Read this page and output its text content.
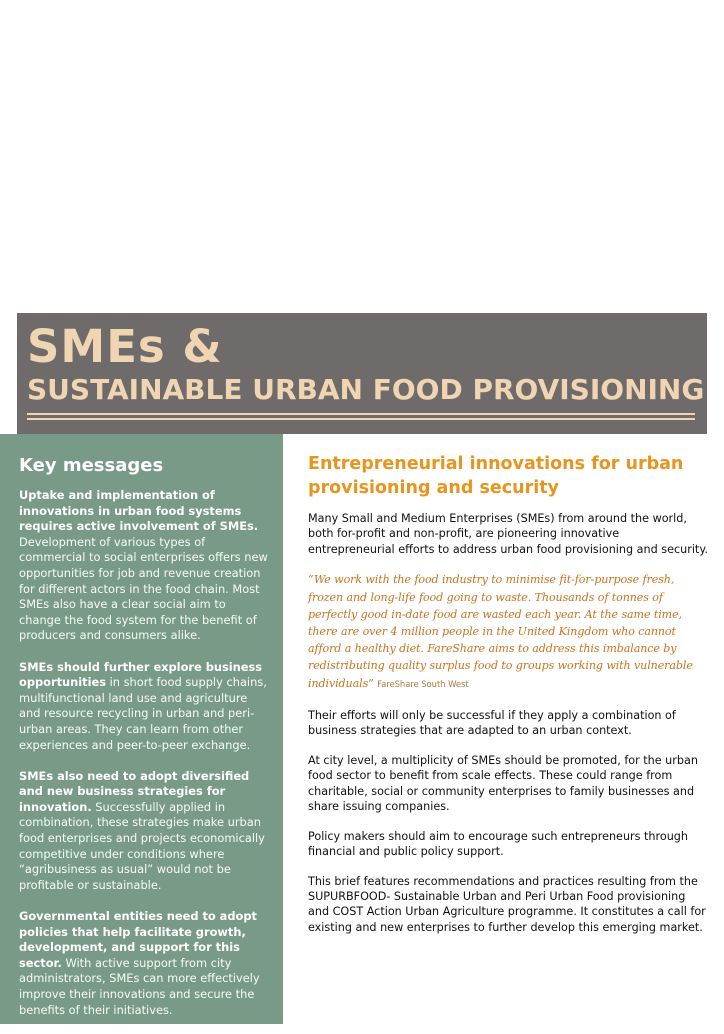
SMEs &
SUSTAINABLE URBAN FOOD PROVISIONING
Key messages

Uptake and implementation of innovations in urban food systems requires active involvement of SMEs. Development of various types of commercial to social enterprises offers new opportunities for job and revenue creation for different actors in the food chain. Most SMEs also have a clear social aim to change the food system for the benefit of producers and consumers alike.

SMEs should further explore business opportunities in short food supply chains, multifunctional land use and agriculture and resource recycling in urban and peri-urban areas. They can learn from other experiences and peer-to-peer exchange.

SMEs also need to adopt diversified and new business strategies for innovation. Successfully applied in combination, these strategies make urban food enterprises and projects economically competitive under conditions where “agribusiness as usual” would not be profitable or sustainable.

Governmental entities need to adopt policies that help facilitate growth, development, and support for this sector. With active support from city administrators, SMEs can more effectively improve their innovations and secure the benefits of their initiatives.

Entrepreneurial innovations for urban provisioning and security

Many Small and Medium Enterprises (SMEs) from around the world, both for-profit and non-profit, are pioneering innovative entrepreneurial efforts to address urban food provisioning and security.

“We work with the food industry to minimise fit-for-purpose fresh, frozen and long-life food going to waste. Thousands of tonnes of perfectly good in-date food are wasted each year. At the same time, there are over 4 million people in the United Kingdom who cannot afford a healthy diet. FareShare aims to address this imbalance by redistributing quality surplus food to groups working with vulnerable individuals” FareShare South West

Their efforts will only be successful if they apply a combination of business strategies that are adapted to an urban context.

At city level, a multiplicity of SMEs should be promoted, for the urban food sector to benefit from scale effects. These could range from charitable, social or community enterprises to family businesses and share issuing companies.

Policy makers should aim to encourage such entrepreneurs through financial and public policy support.

This brief features recommendations and practices resulting from the SUPURBFOOD- Sustainable Urban and Peri Urban Food provisioning and COST Action Urban Agriculture programme. It constitutes a call for existing and new enterprises to further develop this emerging market.
